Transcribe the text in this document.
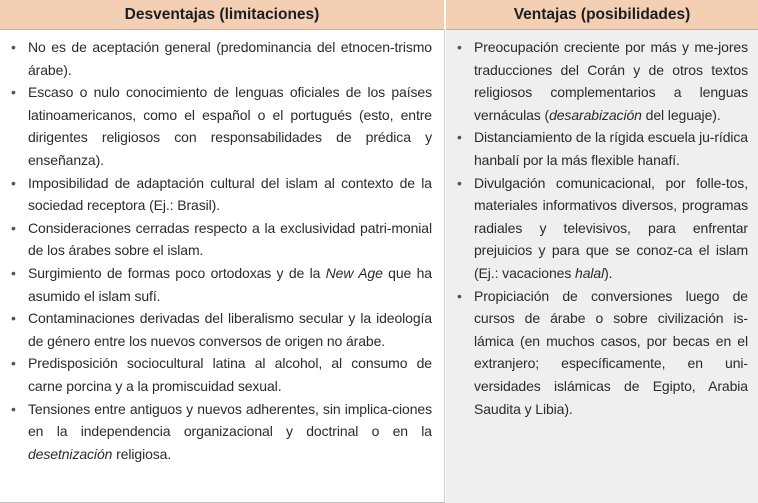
Desventajas (limitaciones)	Ventajas (posibilidades)
• No es de aceptación general (predominancia del etnocen-trismo árabe).
• Escaso o nulo conocimiento de lenguas oficiales de los países latinoamericanos, como el español o el portugués (esto, entre dirigentes religiosos con responsabilidades de prédica y enseñanza).
• Imposibilidad de adaptación cultural del islam al contexto de la sociedad receptora (Ej.: Brasil).
• Consideraciones cerradas respecto a la exclusividad patri-monial de los árabes sobre el islam.
• Surgimiento de formas poco ortodoxas y de la New Age que ha asumido el islam sufí.
• Contaminaciones derivadas del liberalismo secular y la ideología de género entre los nuevos conversos de origen no árabe.
• Predisposición sociocultural latina al alcohol, al consumo de carne porcina y a la promiscuidad sexual.
• Tensiones entre antiguos y nuevos adherentes, sin implica-ciones en la independencia organizacional y doctrinal o en la desetnización religiosa.
• Preocupación creciente por más y me-jores traducciones del Corán y de otros textos religiosos complementarios a lenguas vernáculas (desarabización del leguaje).
• Distanciamiento de la rígida escuela ju-rídica hanbalí por la más flexible hanafí.
• Divulgación comunicacional, por folle-tos, materiales informativos diversos, programas radiales y televisivos, para enfrentar prejuicios y para que se conoz-ca el islam (Ej.: vacaciones halal).
• Propiciación de conversiones luego de cursos de árabe o sobre civilización is-lámica (en muchos casos, por becas en el extranjero; específicamente, en uni-versidades islámicas de Egipto, Arabia Saudita y Libia).
